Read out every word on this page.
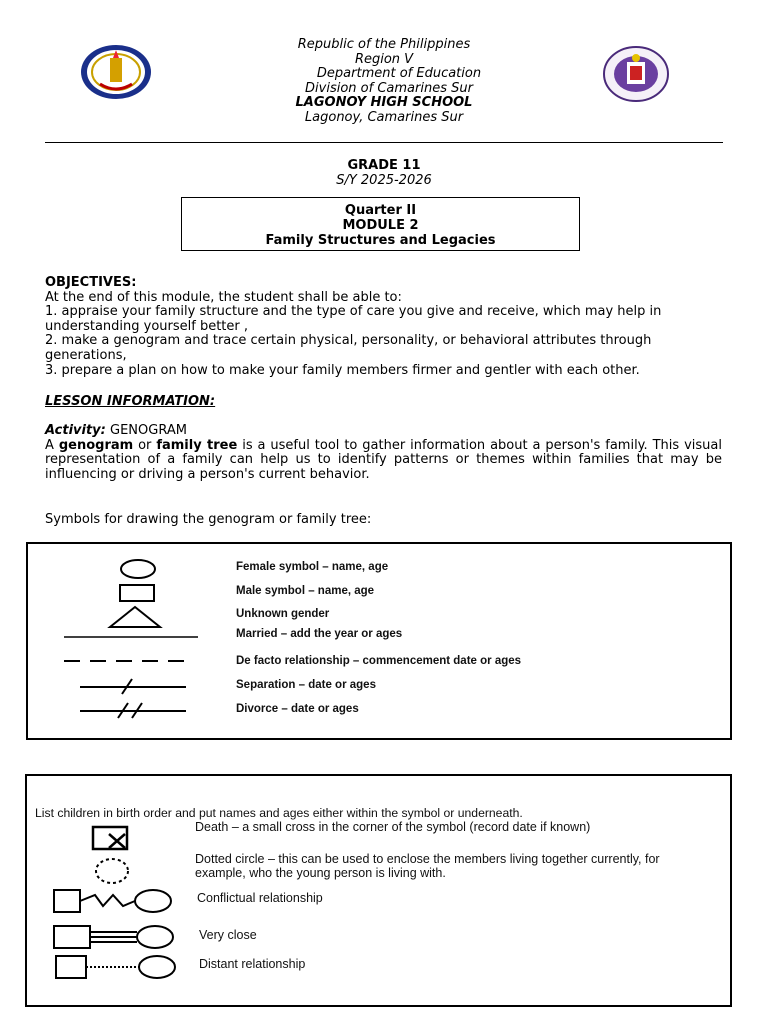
Republic of the Philippines
Region V
Department of Education
Division of Camarines Sur
LAGONOY HIGH SCHOOL
Lagonoy, Camarines Sur
GRADE 11
S/Y 2025-2026
Quarter II
MODULE 2
Family Structures and Legacies
OBJECTIVES:
At the end of this module, the student shall be able to:
1. appraise your family structure and the type of care you give and receive, which may help in understanding yourself better ,
2. make a genogram and trace certain physical, personality, or behavioral attributes through generations,
3. prepare a plan on how to make your family members firmer and gentler with each other.
LESSON INFORMATION:
Activity: GENOGRAM
A genogram or family tree is a useful tool to gather information about a person's family. This visual representation of a family can help us to identify patterns or themes within families that may be influencing or driving a person's current behavior.
Symbols for drawing the genogram or family tree:
Female symbol – name, age
Male symbol – name, age
Unknown gender
Married – add the year or ages
De facto relationship – commencement date or ages
Separation – date or ages
Divorce – date or ages
List children in birth order and put names and ages either within the symbol or underneath.
Death – a small cross in the corner of the symbol (record date if known)
Dotted circle – this can be used to enclose the members living together currently, for example, who the young person is living with.
Conflictual relationship
Very close
Distant relationship
